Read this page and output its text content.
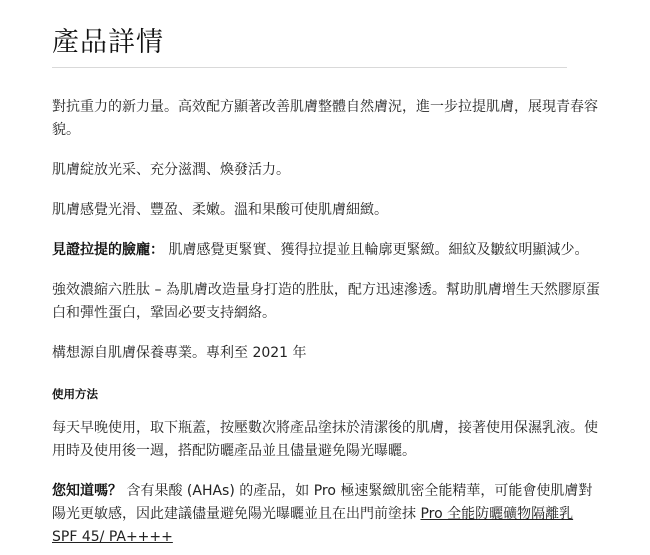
產品詳情

對抗重力的新力量。高效配方顯著改善肌膚整體自然膚況，進一步拉提肌膚，展現青春容貌。

肌膚綻放光采、充分滋潤、煥發活力。

肌膚感覺光滑、豐盈、柔嫩。溫和果酸可使肌膚細緻。

見證拉提的臉龐： 肌膚感覺更緊實、獲得拉提並且輪廓更緊緻。細紋及皺紋明顯減少。

強效濃縮六胜肽 – 為肌膚改造量身打造的胜肽，配方迅速滲透。幫助肌膚增生天然膠原蛋白和彈性蛋白，鞏固必要支持網絡。

構想源自肌膚保養專業。專利至 2021 年

使用方法

每天早晚使用，取下瓶蓋，按壓數次將產品塗抹於清潔後的肌膚，接著使用保濕乳液。使用時及使用後一週，搭配防曬產品並且儘量避免陽光曝曬。

您知道嗎？ 含有果酸 (AHAs) 的產品，如 Pro 極速緊緻肌密全能精華，可能會使肌膚對陽光更敏感，因此建議儘量避免陽光曝曬並且在出門前塗抹 Pro 全能防曬礦物隔離乳 SPF 45/ PA++++
